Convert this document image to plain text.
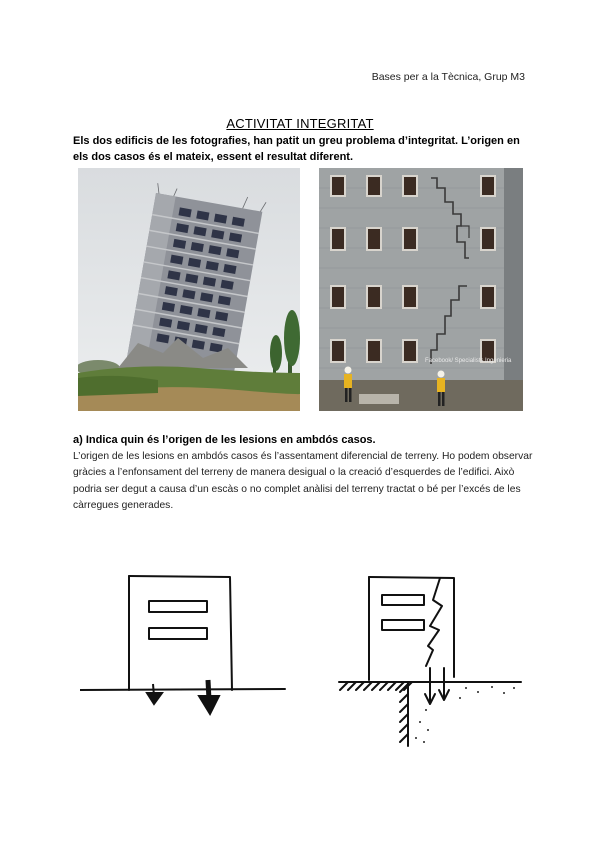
Bases per a la Tècnica, Grup M3
ACTIVITAT INTEGRITAT
Els dos edificis de les fotografies, han patit un greu problema d’integritat. L’origen en els dos casos és el mateix, essent el resultat diferent.
Facebook/ Specialists Ingenieria
a) Indica quin és l’origen de les lesions en ambdós casos.
L’origen de les lesions en ambdós casos és l’assentament diferencial de terreny. Ho podem observar gràcies a l’enfonsament del terreny de manera desigual o la creació d’esquerdes de l’edifici. Això podria ser degut a causa d’un escàs o no complet anàlisi del terreny tractat o bé per l’excés de les càrregues generades.
